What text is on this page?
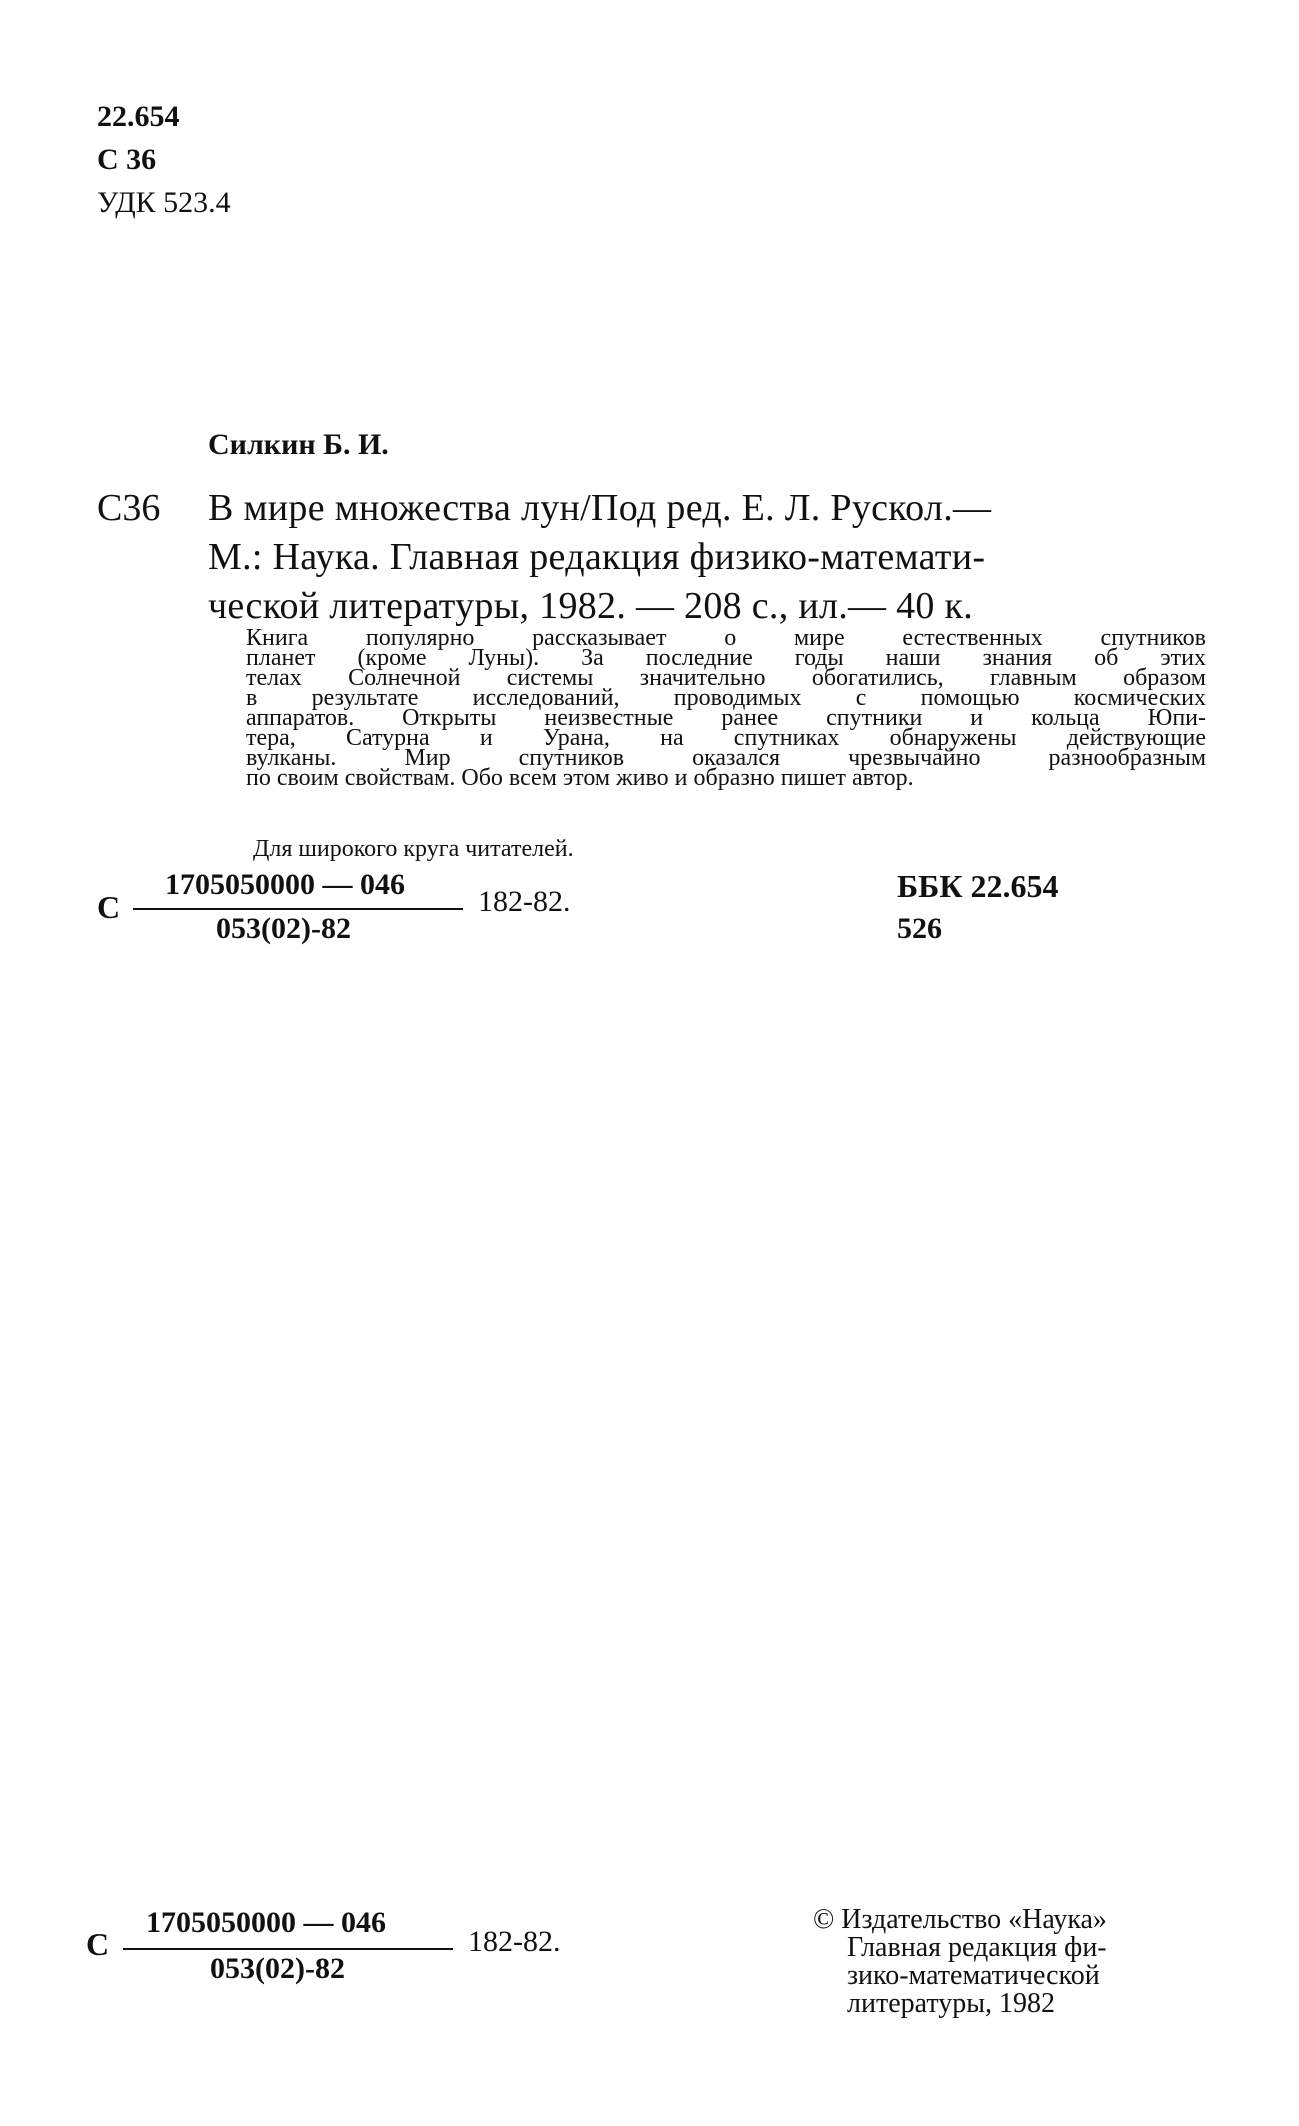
22.654
С 36
УДК 523.4
Силкин Б. И.
С36 В мире множества лун/Под ред. Е. Л. Рускол.—
М.: Наука. Главная редакция физико-математи-
ческой литературы, 1982. — 208 с., ил.— 40 к.
Книга популярно рассказывает о мире естественных спутников
планет (кроме Луны). За последние годы наши знания об этих
телах Солнечной системы значительно обогатились, главным образом
в результате исследований, проводимых с помощью космических
аппаратов. Открыты неизвестные ранее спутники и кольца Юпи-
тера, Сатурна и Урана, на спутниках обнаружены действующие
вулканы. Мир спутников оказался чрезвычайно разнообразным
по своим свойствам. Обо всем этом живо и образно пишет автор.
Для широкого круга читателей.
С
1705050000 — 046
053(02)-82
182-82.	ББК 22.654
526
С
1705050000 — 046
053(02)-82
182-82.
© Издательство «Наука»
Главная редакция фи-
зико-математической
литературы, 1982
